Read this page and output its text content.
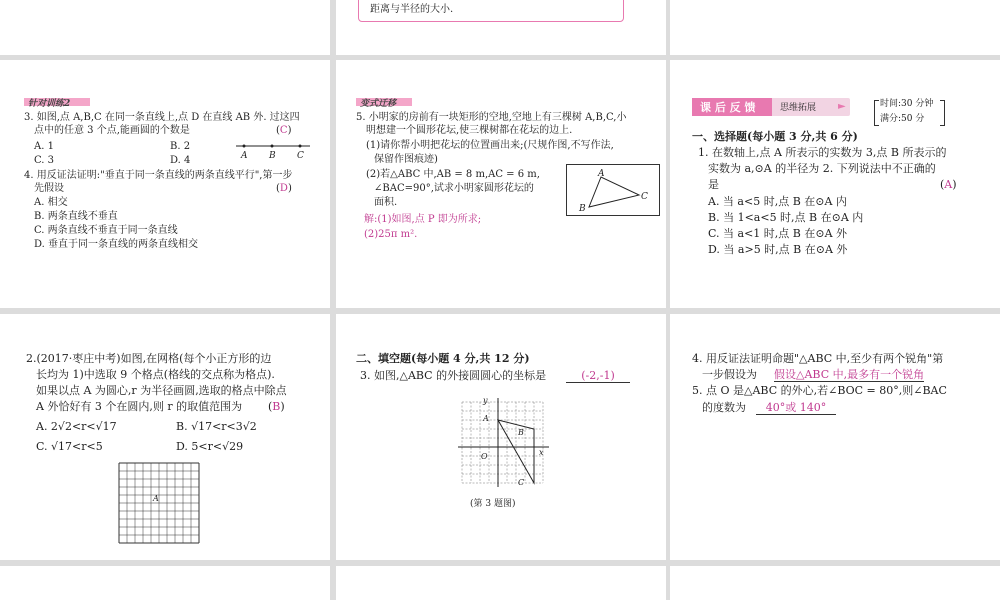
距离与半径的大小.
针对训练2
3. 如图,点 A,B,C 在同一条直线上,点 D 在直线 AB 外. 过这四
点中的任意 3 个点,能画圆的个数是	(C)
A. 1	B. 2
C. 3	D. 4	A B C
4. 用反证法证明:"垂直于同一条直线的两条直线平行",第一步
先假设	(D)
A. 相交
B. 两条直线不垂直
C. 两条直线不垂直于同一条直线
D. 垂直于同一条直线的两条直线相交
变式迁移
5. 小明家的房前有一块矩形的空地,空地上有三棵树 A,B,C,小
明想建一个圆形花坛,使三棵树都在花坛的边上.
(1)请你帮小明把花坛的位置画出来;(尺规作图,不写作法,
保留作图痕迹)
(2)若△ABC 中,AB = 8 m,AC = 6 m,
∠BAC=90°,试求小明家圆形花坛的
面积.
A
B
C
解:(1)如图,点 P 即为所求;
(2)25π m².
课 后 反 馈	思维拓展 ►	时间:30 分钟
满分:50 分
一、选择题(每小题 3 分,共 6 分)
1. 在数轴上,点 A 所表示的实数为 3,点 B 所表示的
实数为 a,⊙A 的半径为 2. 下列说法中不正确的
是	(A)
A. 当 a<5 时,点 B 在⊙A 内
B. 当 1<a<5 时,点 B 在⊙A 内
C. 当 a<1 时,点 B 在⊙A 外
D. 当 a>5 时,点 B 在⊙A 外
2.(2017·枣庄中考)如图,在网格(每个小正方形的边
长均为 1)中选取 9 个格点(格线的交点称为格点).
如果以点 A 为圆心,r 为半径画圆,选取的格点中除点
A 外恰好有 3 个在圆内,则 r 的取值范围为 (B)
A. 2√2<r<√17	B. √17<r<3√2
C. √17<r<5	D. 5<r<√29
A
二、填空题(每小题 4 分,共 12 分)
3. 如图,△ABC 的外接圆圆心的坐标是	(-2,-1)
y
x
O
A
B
C
(第 3 题图)
4. 用反证法证明命题"△ABC 中,至少有两个锐角"第
一步假设为 假设△ABC 中,最多有一个锐角
5. 点 O 是△ABC 的外心,若∠BOC = 80°,则∠BAC
的度数为	40°或 140°
